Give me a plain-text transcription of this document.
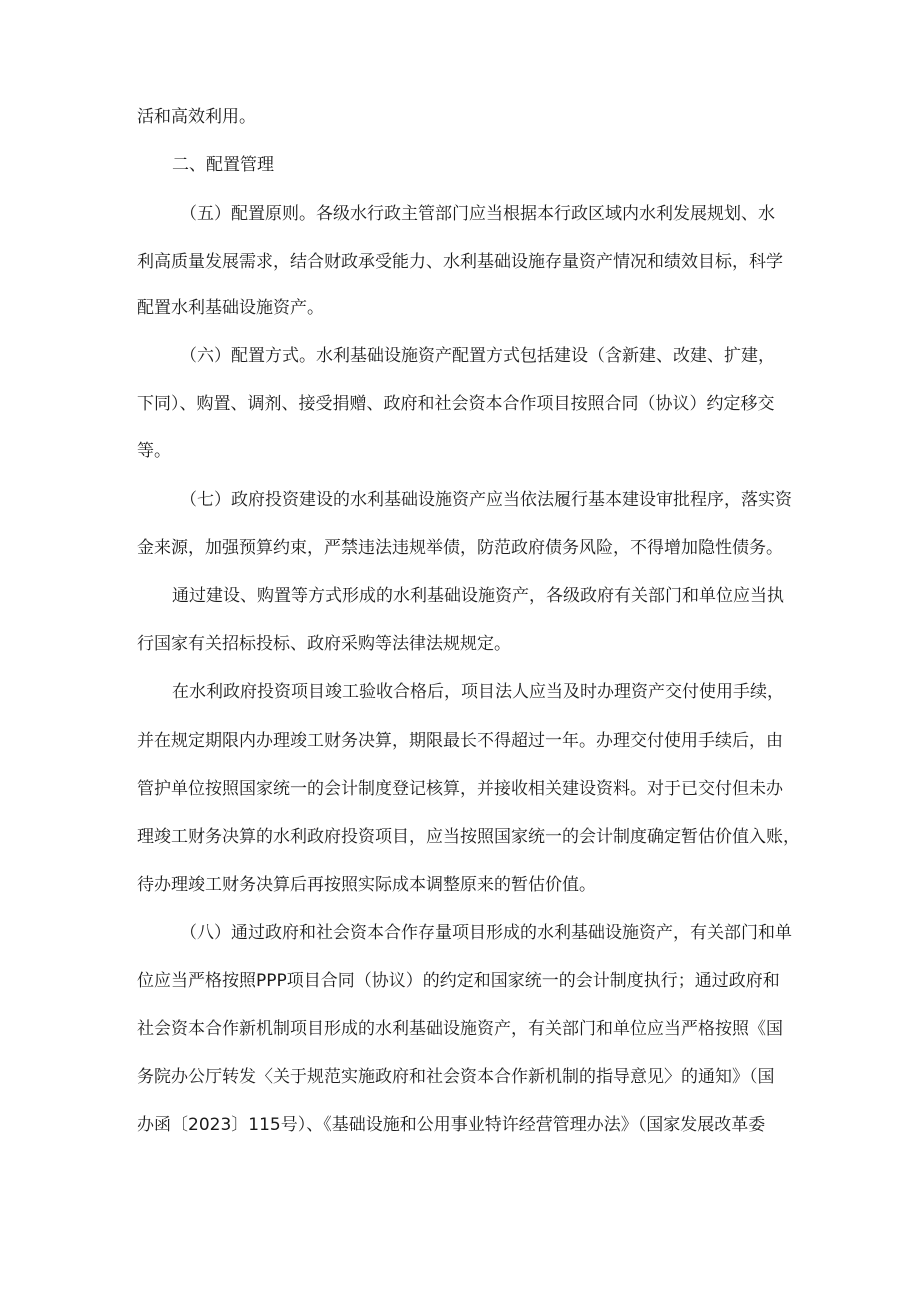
活和高效利用。
二、配置管理
（五）配置原则。各级水行政主管部门应当根据本行政区域内水利发展规划、水
利高质量发展需求，结合财政承受能力、水利基础设施存量资产情况和绩效目标，科学
配置水利基础设施资产。
（六）配置方式。水利基础设施资产配置方式包括建设（含新建、改建、扩建，
下同）、购置、调剂、接受捐赠、政府和社会资本合作项目按照合同（协议）约定移交
等。
（七）政府投资建设的水利基础设施资产应当依法履行基本建设审批程序，落实资
金来源，加强预算约束，严禁违法违规举债，防范政府债务风险，不得增加隐性债务。
通过建设、购置等方式形成的水利基础设施资产，各级政府有关部门和单位应当执
行国家有关招标投标、政府采购等法律法规规定。
在水利政府投资项目竣工验收合格后，项目法人应当及时办理资产交付使用手续，
并在规定期限内办理竣工财务决算，期限最长不得超过一年。办理交付使用手续后，由
管护单位按照国家统一的会计制度登记核算，并接收相关建设资料。对于已交付但未办
理竣工财务决算的水利政府投资项目，应当按照国家统一的会计制度确定暂估价值入账，
待办理竣工财务决算后再按照实际成本调整原来的暂估价值。
（八）通过政府和社会资本合作存量项目形成的水利基础设施资产，有关部门和单
位应当严格按照PPP项目合同（协议）的约定和国家统一的会计制度执行；通过政府和
社会资本合作新机制项目形成的水利基础设施资产，有关部门和单位应当严格按照《国
务院办公厅转发〈关于规范实施政府和社会资本合作新机制的指导意见〉的通知》（国
办函〔2023〕115号）、《基础设施和公用事业特许经营管理办法》（国家发展改革委
